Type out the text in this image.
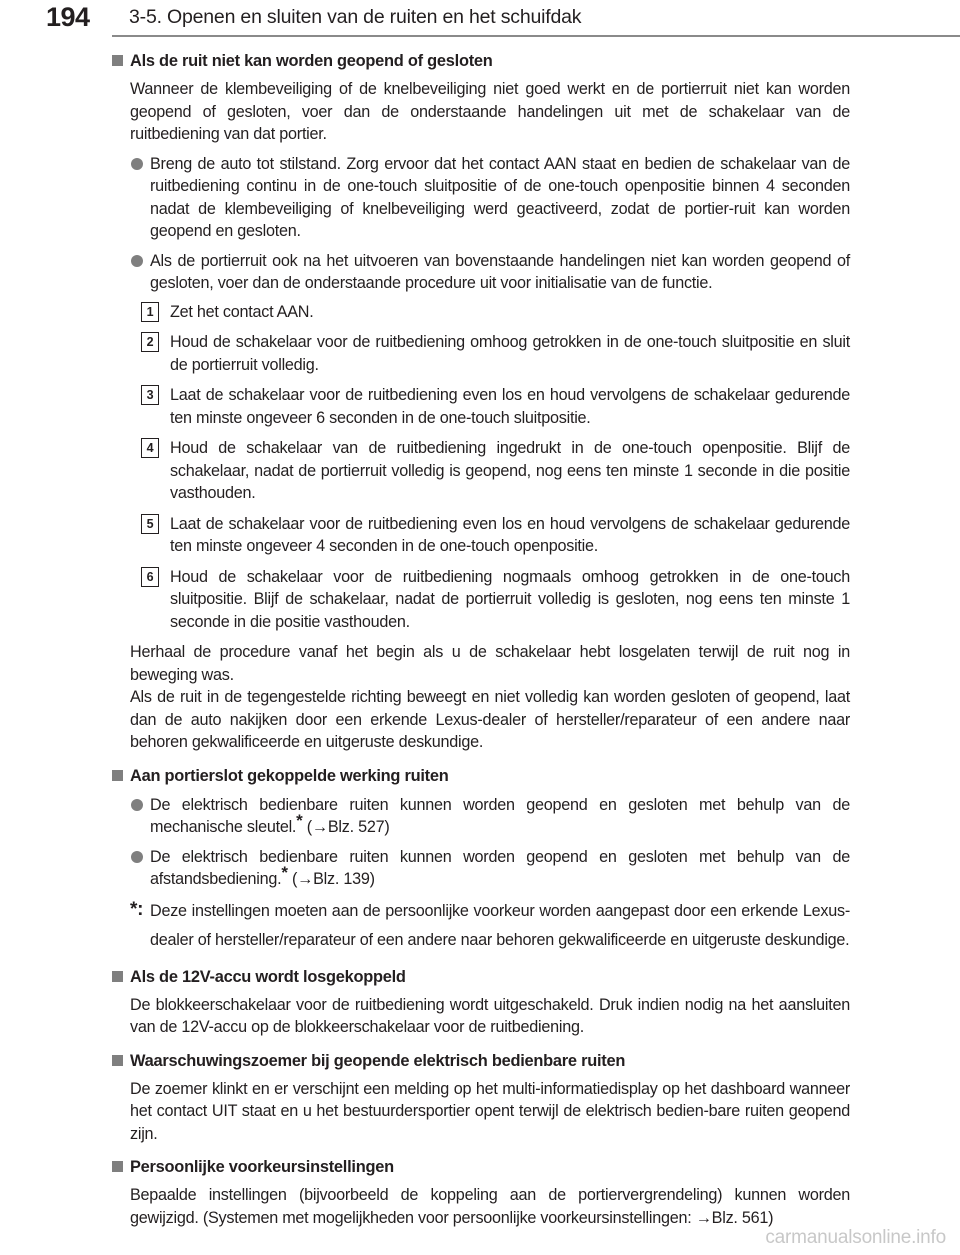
194 3-5. Openen en sluiten van de ruiten en het schuifdak
Als de ruit niet kan worden geopend of gesloten

Wanneer de klembeveiliging of de knelbeveiliging niet goed werkt en de portierruit niet kan worden geopend of gesloten, voer dan de onderstaande handelingen uit met de schakelaar van de ruitbediening van dat portier.

Breng de auto tot stilstand. Zorg ervoor dat het contact AAN staat en bedien de schakelaar van de ruitbediening continu in de one-touch sluitpositie of de one-touch openpositie binnen 4 seconden nadat de klembeveiliging of knelbeveiliging werd geactiveerd, zodat de portier-ruit kan worden geopend en gesloten.
Als de portierruit ook na het uitvoeren van bovenstaande handelingen niet kan worden geopend of gesloten, voer dan de onderstaande procedure uit voor initialisatie van de functie.
1	Zet het contact AAN.
2	Houd de schakelaar voor de ruitbediening omhoog getrokken in de one-touch sluitpositie en sluit de portierruit volledig.
3	Laat de schakelaar voor de ruitbediening even los en houd vervolgens de schakelaar gedurende ten minste ongeveer 6 seconden in de one-touch sluitpositie.
4	Houd de schakelaar van de ruitbediening ingedrukt in de one-touch openpositie. Blijf de schakelaar, nadat de portierruit volledig is geopend, nog eens ten minste 1 seconde in die positie vasthouden.
5	Laat de schakelaar voor de ruitbediening even los en houd vervolgens de schakelaar gedurende ten minste ongeveer 4 seconden in de one-touch openpositie.
6	Houd de schakelaar voor de ruitbediening nogmaals omhoog getrokken in de one-touch sluitpositie. Blijf de schakelaar, nadat de portierruit volledig is gesloten, nog eens ten minste 1 seconde in die positie vasthouden.

Herhaal de procedure vanaf het begin als u de schakelaar hebt losgelaten terwijl de ruit nog in beweging was.
Als de ruit in de tegengestelde richting beweegt en niet volledig kan worden gesloten of geopend, laat dan de auto nakijken door een erkende Lexus-dealer of hersteller/reparateur of een andere naar behoren gekwalificeerde en uitgeruste deskundige.

Aan portierslot gekoppelde werking ruiten
De elektrisch bedienbare ruiten kunnen worden geopend en gesloten met behulp van de mechanische sleutel.* (→Blz. 527)
De elektrisch bedienbare ruiten kunnen worden geopend en gesloten met behulp van de afstandsbediening.* (→Blz. 139)
*: Deze instellingen moeten aan de persoonlijke voorkeur worden aangepast door een erkende Lexus-dealer of hersteller/reparateur of een andere naar behoren gekwalificeerde en uitgeruste deskundige.
Als de 12V-accu wordt losgekoppeld

De blokkeerschakelaar voor de ruitbediening wordt uitgeschakeld. Druk indien nodig na het aansluiten van de 12V-accu op de blokkeerschakelaar voor de ruitbediening.

Waarschuwingszoemer bij geopende elektrisch bedienbare ruiten

De zoemer klinkt en er verschijnt een melding op het multi-informatiedisplay op het dashboard wanneer het contact UIT staat en u het bestuurdersportier opent terwijl de elektrisch bedien-bare ruiten geopend zijn.

Persoonlijke voorkeursinstellingen

Bepaalde instellingen (bijvoorbeeld de koppeling aan de portiervergrendeling) kunnen worden gewijzigd. (Systemen met mogelijkheden voor persoonlijke voorkeursinstellingen: →Blz. 561)

carmanualsonline.info
